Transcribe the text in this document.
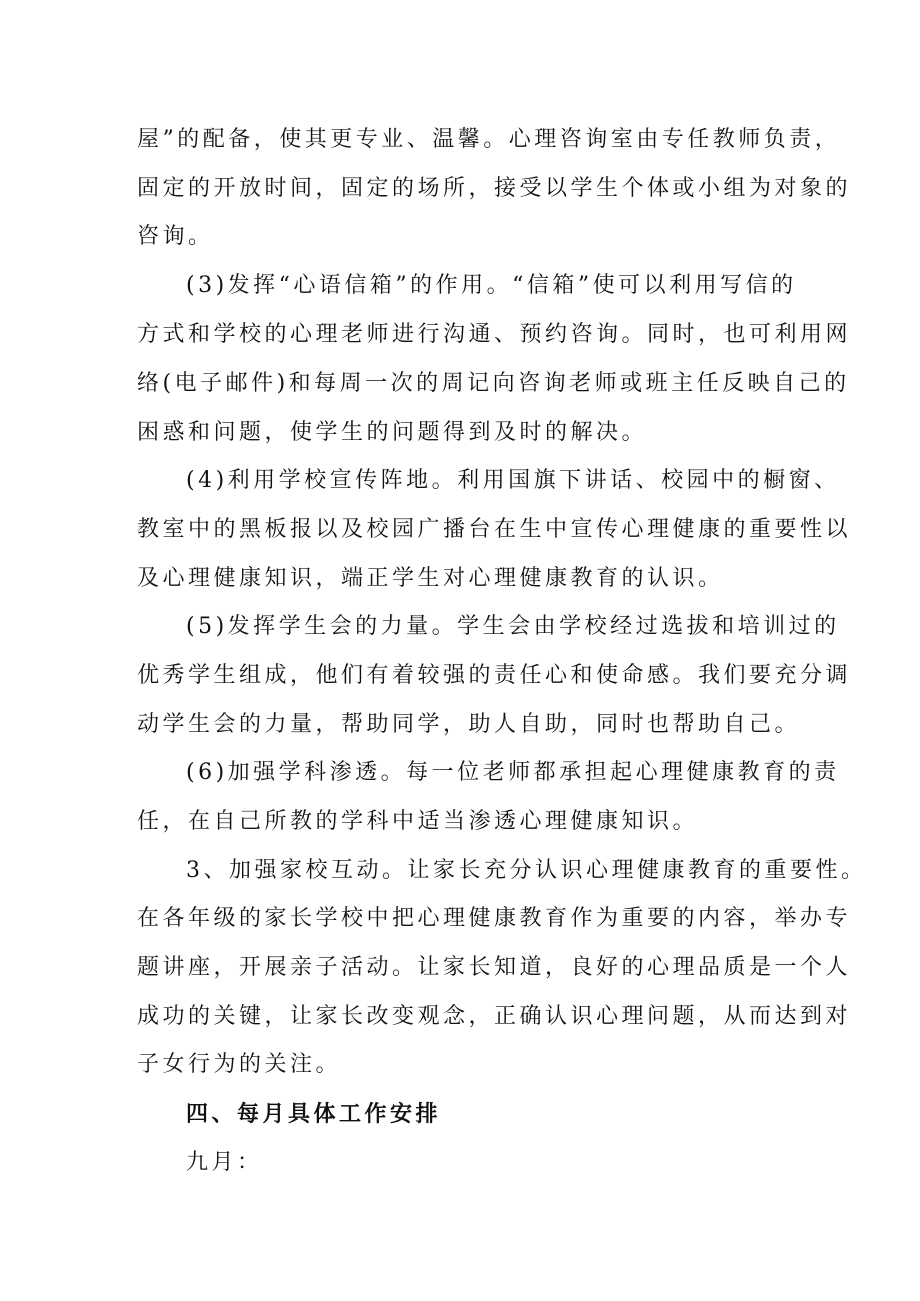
屋”的配备，使其更专业、温馨。心理咨询室由专任教师负责，
固定的开放时间，固定的场所，接受以学生个体或小组为对象的
咨询。
(3)发挥“心语信箱”的作用。“信箱”使可以利用写信的
方式和学校的心理老师进行沟通、预约咨询。同时，也可利用网
络(电子邮件)和每周一次的周记向咨询老师或班主任反映自己的
困惑和问题，使学生的问题得到及时的解决。
(4)利用学校宣传阵地。利用国旗下讲话、校园中的橱窗、
教室中的黑板报以及校园广播台在生中宣传心理健康的重要性以
及心理健康知识，端正学生对心理健康教育的认识。
(5)发挥学生会的力量。学生会由学校经过选拔和培训过的
优秀学生组成，他们有着较强的责任心和使命感。我们要充分调
动学生会的力量，帮助同学，助人自助，同时也帮助自己。
(6)加强学科渗透。每一位老师都承担起心理健康教育的责
任，在自己所教的学科中适当渗透心理健康知识。
3、加强家校互动。让家长充分认识心理健康教育的重要性。
在各年级的家长学校中把心理健康教育作为重要的内容，举办专
题讲座，开展亲子活动。让家长知道，良好的心理品质是一个人
成功的关键，让家长改变观念，正确认识心理问题，从而达到对
子女行为的关注。
四、每月具体工作安排
九月：
